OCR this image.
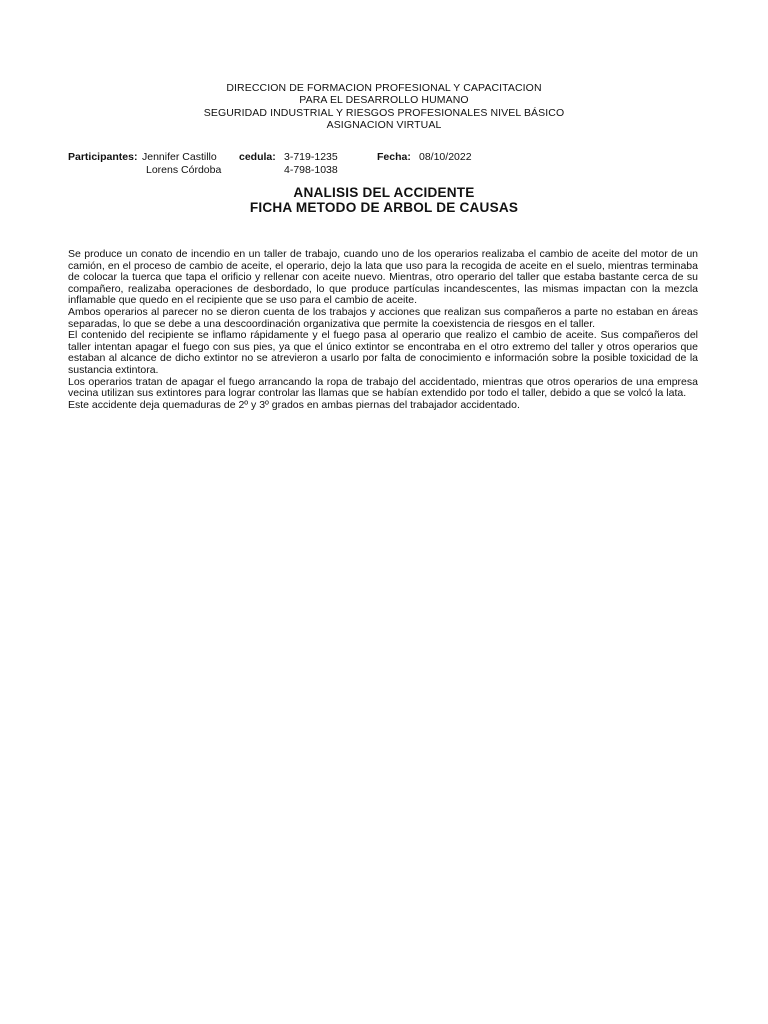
DIRECCION DE FORMACION PROFESIONAL Y CAPACITACION
PARA EL DESARROLLO HUMANO
SEGURIDAD INDUSTRIAL Y RIESGOS PROFESIONALES NIVEL BÁSICO
ASIGNACION VIRTUAL
Participantes: Jennifer Castillo
Lorens Córdoba
cedula: 3-719-1235
4-798-1038
Fecha: 08/10/2022
ANALISIS DEL ACCIDENTE
FICHA METODO DE ARBOL DE CAUSAS

Se produce un conato de incendio en un taller de trabajo, cuando uno de los operarios realizaba el cambio de aceite del motor de un camión, en el proceso de cambio de aceite, el operario, dejo la lata que uso para la recogida de aceite en el suelo, mientras terminaba de colocar la tuerca que tapa el orificio y rellenar con aceite nuevo. Mientras, otro operario del taller que estaba bastante cerca de su compañero, realizaba operaciones de desbordado, lo que produce partículas incandescentes, las mismas impactan con la mezcla inflamable que quedo en el recipiente que se uso para el cambio de aceite.

Ambos operarios al parecer no se dieron cuenta de los trabajos y acciones que realizan sus compañeros a parte no estaban en áreas separadas, lo que se debe a una descoordinación organizativa que permite la coexistencia de riesgos en el taller.

El contenido del recipiente se inflamo rápidamente y el fuego pasa al operario que realizo el cambio de aceite. Sus compañeros del taller intentan apagar el fuego con sus pies, ya que el único extintor se encontraba en el otro extremo del taller y otros operarios que estaban al alcance de dicho extintor no se atrevieron a usarlo por falta de conocimiento e información sobre la posible toxicidad de la sustancia extintora.

Los operarios tratan de apagar el fuego arrancando la ropa de trabajo del accidentado, mientras que otros operarios de una empresa vecina utilizan sus extintores para lograr controlar las llamas que se habían extendido por todo el taller, debido a que se volcó la lata.

Este accidente deja quemaduras de 2º y 3º grados en ambas piernas del trabajador accidentado.
